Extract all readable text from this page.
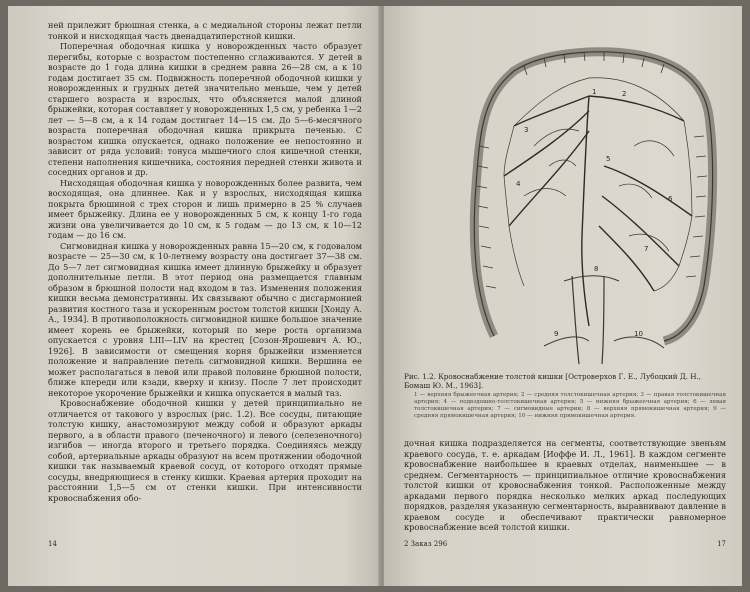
ней прилежит брюшная стенка, а с медиальной стороны лежат петли тонкой и нисходящая часть двенадцатиперстной кишки.

Поперечная ободочная кишка у новорожденных часто образует перегибы, которые с возрастом постепенно сглаживаются. У детей в возрасте до 1 года длина кишки в среднем равна 26—28 см, а к 10 годам достигает 35 см. Подвижность поперечной ободочной кишки у новорожденных и грудных детей значительно меньше, чем у детей старшего возраста и взрослых, что объясняется малой длиной брыжейки, которая составляет у новорожденных 1,5 см, у ребенка 1—2 лет — 5—8 см, а к 14 годам достигает 14—15 см. До 5—6-месячного возраста поперечная ободочная кишка прикрыта печенью. С возрастом кишка опускается, однако положение ее непостоянно и зависит от ряда условий: тонуса мышечного слоя кишечной стенки, степени наполнения кишечника, состояния передней стенки живота и соседних органов и др.

Нисходящая ободочная кишка у новорожденных более развита, чем восходящая, она длиннее. Как и у взрослых, нисходящая кишка покрыта брюшиной с трех сторон и лишь примерно в 25 % случаев имеет брыжейку. Длина ее у новорожденных 5 см, к концу 1-го года жизни она увеличивается до 10 см, к 5 годам — до 13 см, к 10—12 годам — до 16 см.

Сигмовидная кишка у новорожденных равна 15—20 см, к годовалом возрасте — 25—30 см, к 10-летнему возрасту она достигает 37—38 см. До 5—7 лет сигмовидная кишка имеет длинную брыжейку и образует дополнительные петли. В этот период она размещается главным образом в брюшной полости над входом в таз. Изменения положения кишки весьма демонстративны. Их связывают обычно с дисгармонией развития костного таза и ускоренным ростом толстой кишки [Хонду А. А., 1934]. В противоположность сигмовидной кишке большое значение имеет корень ее брыжейки, который по мере роста организма опускается с уровня LIII—LIV на крестец [Созон-Ярошевич А. Ю., 1926]. В зависимости от смещения корня брыжейки изменяется положение и направление петель сигмовидной кишки. Вершина ее может располагаться в левой или правой половине брюшной полости, ближе кпереди или кзади, кверху и книзу. После 7 лет происходит некоторое укорочение брыжейки и кишка опускается в малый таз.

Кровоснабжение ободочной кишки у детей принципиально не отличается от такового у взрослых (рис. 1.2). Все сосуды, питающие толстую кишку, анастомозируют между собой и образуют аркады первого, а в области правого (печеночного) и левого (селезеночного) изгибов — иногда второго и третьего порядка. Соединяясь между собой, артериальные аркады образуют на всем протяжении ободочной кишки так называемый краевой сосуд, от которого отходят прямые сосуды, внедряющиеся в стенку кишки. Краевая артерия проходит на расстоянии 1,5—5 см от стенки кишки. При интенсивности кровоснабжения обо-

14
1	2
3
4
5
6
7
8
9	10
Рис. 1.2. Кровоснабжение толстой кишки [Островерхов Г. Е., Лубоцкий Д. Н., Бомаш Ю. М., 1963].
1 — верхняя брыжеечная артерия; 2 — средняя толстокишечная артерия; 3 — правая толстокишечная артерия; 4 — подвздошно-толстокишечная артерия; 5 — нижняя брыжеечная артерия; 6 — левая толстокишечная артерия; 7 — сигмовидные артерии; 8 — верхняя прямокишечная артерия; 9 — средняя прямокишечная артерия; 10 — нижняя прямокишечная артерия.

дочная кишка подразделяется на сегменты, соответствующие звеньям краевого сосуда, т. е. аркадам [Иоффе И. Л., 1961]. В каждом сегменте кровоснабжение наибольшее в краевых отделах, наименьшее — в среднем. Сегментарность — принципиальное отличие кровоснабжения толстой кишки от кровоснабжения тонкой. Расположенные между аркадами первого порядка несколько мелких аркад последующих порядков, разделяя указанную сегментарность, выравнивают давление в краевом сосуде и обеспечивают практически равномерное кровоснабжение всей толстой кишки.

2 Заказ 296	17
